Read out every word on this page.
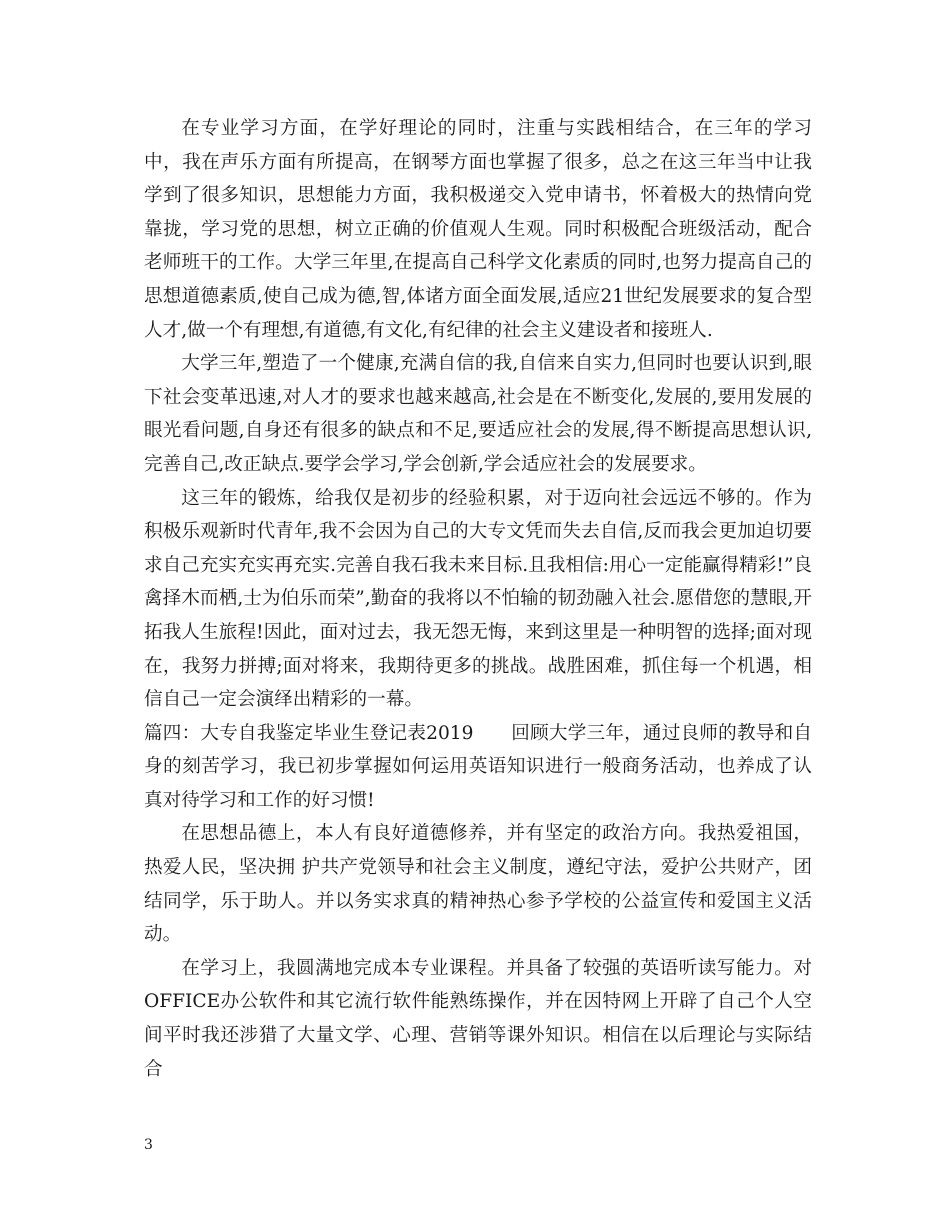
在专业学习方面，在学好理论的同时，注重与实践相结合，在三年的学习中，我在声乐方面有所提高，在钢琴方面也掌握了很多，总之在这三年当中让我学到了很多知识，思想能力方面，我积极递交入党申请书，怀着极大的热情向党靠拢，学习党的思想，树立正确的价值观人生观。同时积极配合班级活动，配合老师班干的工作。大学三年里,在提高自己科学文化素质的同时,也努力提高自己的思想道德素质,使自己成为德,智,体诸方面全面发展,适应21世纪发展要求的复合型人才,做一个有理想,有道德,有文化,有纪律的社会主义建设者和接班人.

大学三年,塑造了一个健康,充满自信的我,自信来自实力,但同时也要认识到,眼下社会变革迅速,对人才的要求也越来越高,社会是在不断变化,发展的,要用发展的眼光看问题,自身还有很多的缺点和不足,要适应社会的发展,得不断提高思想认识,完善自己,改正缺点.要学会学习,学会创新,学会适应社会的发展要求。

这三年的锻炼，给我仅是初步的经验积累，对于迈向社会远远不够的。作为积极乐观新时代青年,我不会因为自己的大专文凭而失去自信,反而我会更加迫切要求自己充实充实再充实.完善自我石我未来目标.且我相信:用心一定能赢得精彩!”良禽择木而栖,士为伯乐而荣”,勤奋的我将以不怕输的韧劲融入社会.愿借您的慧眼,开拓我人生旅程!因此，面对过去，我无怨无悔，来到这里是一种明智的选择;面对现在，我努力拼搏;面对将来，我期待更多的挑战。战胜困难，抓住每一个机遇，相信自己一定会演绎出精彩的一幕。

篇四：大专自我鉴定毕业生登记表2019　　回顾大学三年，通过良师的教导和自身的刻苦学习，我已初步掌握如何运用英语知识进行一般商务活动，也养成了认真对待学习和工作的好习惯!

在思想品德上，本人有良好道德修养，并有坚定的政治方向。我热爱祖国，热爱人民，坚决拥 护共产党领导和社会主义制度，遵纪守法，爱护公共财产，团结同学，乐于助人。并以务实求真的精神热心参予学校的公益宣传和爱国主义活动。

在学习上，我圆满地完成本专业课程。并具备了较强的英语听读写能力。对OFFICE办公软件和其它流行软件能熟练操作，并在因特网上开辟了自己个人空间平时我还涉猎了大量文学、心理、营销等课外知识。相信在以后理论与实际结合

3
